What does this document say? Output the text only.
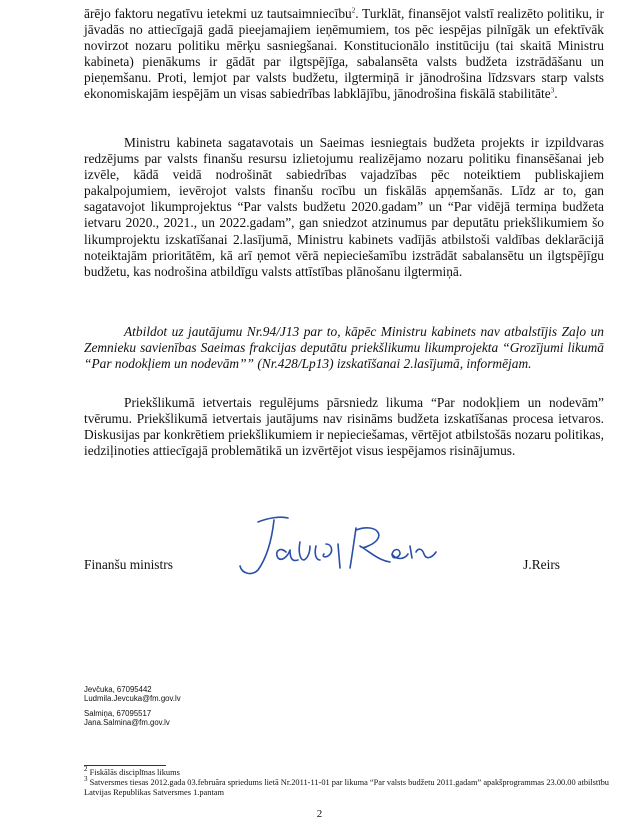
ārējo faktoru negatīvu ietekmi uz tautsaimniecību$^2$. Turklāt, finansējot valstī realizēto politiku, ir jāvadās no attiecīgajā gadā pieejamajiem ieņēmumiem, tos pēc iespējas pilnīgāk un efektīvāk novirzot nozaru politiku mērķu sasniegšanai. Konstitucionālo institūciju (tai skaitā Ministru kabineta) pienākums ir gādāt par ilgtspējīga, sabalansēta valsts budžeta izstrādāšanu un pieņemšanu. Proti, lemjot par valsts budžetu, ilgtermiņā ir jānodrošina līdzsvars starp valsts ekonomiskajām iespējām un visas sabiedrības labklājību, jānodrošina fiskālā stabilitāte$^3$.
Ministru kabineta sagatavotais un Saeimas iesniegtais budžeta projekts ir izpildvaras redzējums par valsts finanšu resursu izlietojumu realizējamo nozaru politiku finansēšanai jeb izvēle, kādā veidā nodrošināt sabiedrības vajadzības pēc noteiktiem publiskajiem pakalpojumiem, ievērojot valsts finanšu rocību un fiskālās apņemšanās. Līdz ar to, gan sagatavojot likumprojektus “Par valsts budžetu 2020.gadam” un “Par vidējā termiņa budžeta ietvaru 2020., 2021., un 2022.gadam”, gan sniedzot atzinumus par deputātu priekšlikumiem šo likumprojektu izskatīšanai 2.lasījumā, Ministru kabinets vadījās atbilstoši valdības deklarācijā noteiktajām prioritātēm, kā arī ņemot vērā nepieciešamību izstrādāt sabalansētu un ilgtspējīgu budžetu, kas nodrošina atbildīgu valsts attīstības plānošanu ilgtermiņā.
Atbildot uz jautājumu Nr.94/J13 par to, kāpēc Ministru kabinets nav atbalstījis Zaļo un Zemnieku savienības Saeimas frakcijas deputātu priekšlikumu likumprojekta “Grozījumi likumā “Par nodokļiem un nodevām”” (Nr.428/Lp13) izskatīšanai 2.lasījumā, informējam.
Priekšlikumā ietvertais regulējums pārsniedz likuma “Par nodokļiem un nodevām” tvērumu. Priekšlikumā ietvertais jautājums nav risināms budžeta izskatīšanas procesa ietvaros. Diskusijas par konkrētiem priekšlikumiem ir nepieciešamas, vērtējot atbilstošās nozaru politikas, iedziļinoties attiecīgajā problemātikā un izvērtējot visus iespējamos risinājumus.
Finanšu ministrs	J.Reirs
Jevčuka, 67095442
Ludmila.Jevcuka@fm.gov.lv
Salmiņa, 67095517
Jana.Salmina@fm.gov.lv
$^2$ Fiskālās disciplīnas likums
$^3$ Satversmes tiesas 2012.gada 03.februāra spriedums lietā Nr.2011-11-01 par likuma “Par valsts budžetu 2011.gadam” apakšprogrammas 23.00.00 atbilstību Latvijas Republikas Satversmes 1.pantam
2
